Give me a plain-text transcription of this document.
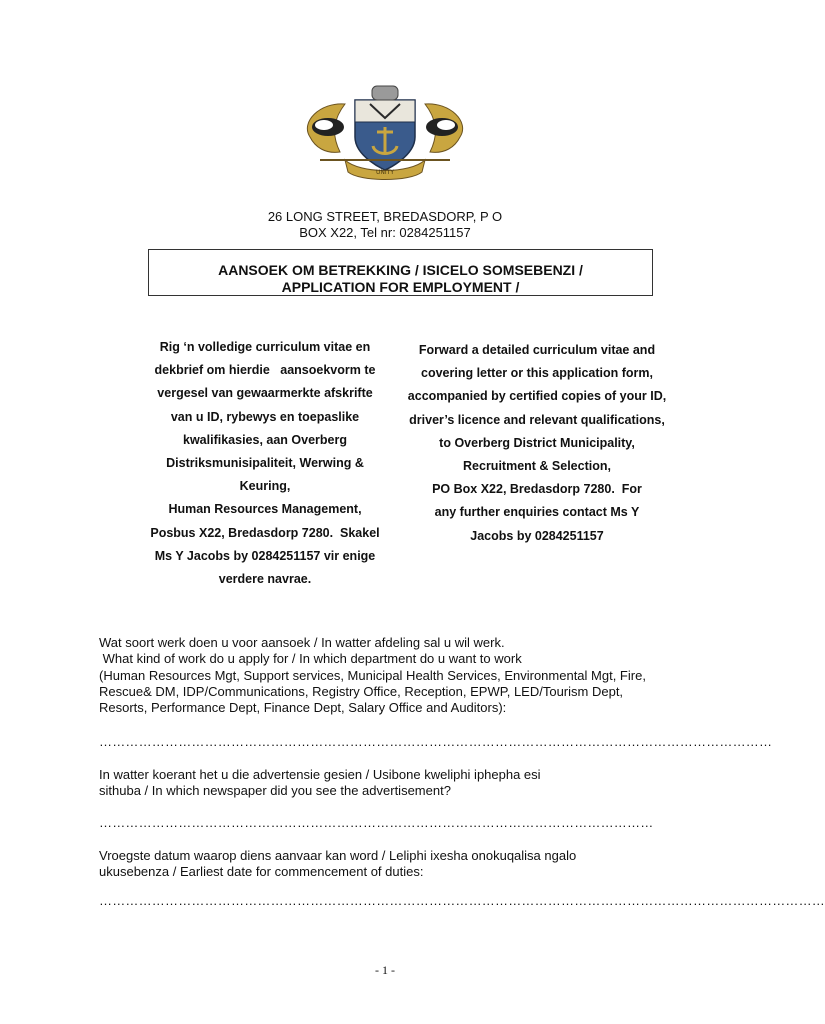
UNITY
26 LONG STREET, BREDASDORP, P O
BOX X22, Tel nr: 0284251157
AANSOEK OM BETREKKING / ISICELO SOMSEBENZI /
APPLICATION FOR EMPLOYMENT /
Rig ‘n volledige curriculum vitae en
dekbrief om hierdie   aansoekvorm te
vergesel van gewaarmerkte afskrifte
van u ID, rybewys en toepaslike
kwalifikasies, aan Overberg
Distriksmunisipaliteit, Werwing &
Keuring,
Human Resources Management,
Posbus X22, Bredasdorp 7280.  Skakel
Ms Y Jacobs by 0284251157 vir enige
verdere navrae.
Forward a detailed curriculum vitae and
covering letter or this application form,
accompanied by certified copies of your ID,
driver’s licence and relevant qualifications,
to Overberg District Municipality,
Recruitment & Selection,
PO Box X22, Bredasdorp 7280.  For
any further enquiries contact Ms Y
Jacobs by 0284251157
Wat soort werk doen u voor aansoek / In watter afdeling sal u wil werk.
What kind of work do u apply for / In which department do u want to work
(Human Resources Mgt, Support services, Municipal Health Services, Environmental Mgt, Fire,
Rescue& DM, IDP/Communications, Registry Office, Reception, EPWP, LED/Tourism Dept,
Resorts, Performance Dept, Finance Dept, Salary Office and Auditors):
………………………………………………………………………………………………………………………………………
In watter koerant het u die advertensie gesien / Usibone kweliphi iphepha esi
sithuba / In which newspaper did you see the advertisement?
………………………………………………………………………………………………………………
Vroegste datum waarop diens aanvaar kan word / Leliphi ixesha onokuqalisa ngalo
ukusebenza / Earliest date for commencement of duties:
…………………………………………………………………………………………………………………………………………………
- 1 -
